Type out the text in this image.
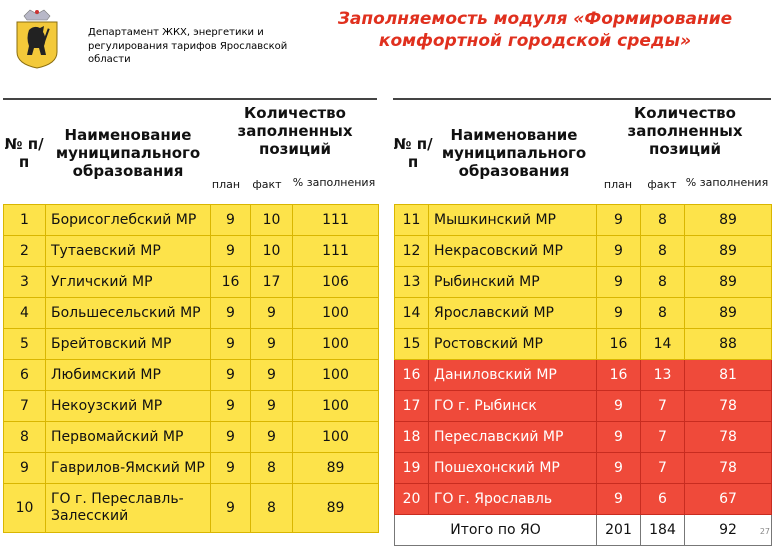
Департамент ЖКХ, энергетики и регулирования тарифов Ярославской области
Заполняемость модуля «Формирование комфортной городской среды»
№ п/п
Наименование муниципального образования
Количество заполненных позиций
план	факт	% заполнения
№ п/п
Наименование муниципального образования
Количество заполненных позиций
план	факт % заполнения
1	Борисоглебский МР	9	10	111
2	Тутаевский МР	9	10	111
3	Угличский МР	16	17	106
4	Большесельский МР	9	9	100
5	Брейтовский МР	9	9	100
6	Любимский МР	9	9	100
7	Некоузский МР	9	9	100
8	Первомайский МР	9	9	100
9	Гаврилов-Ямский МР	9	8	89
10	ГО г. Переславль-Залесский	9	8	89
11	Мышкинский МР	9	8	89
12	Некрасовский МР	9	8	89
13	Рыбинский МР	9	8	89
14	Ярославский МР	9	8	89
15	Ростовский МР	16	14	88
16	Даниловский МР	16	13	81
17	ГО г. Рыбинск	9	7	78
18	Переславский МР	9	7	78
19	Пошехонский МР	9	7	78
20	ГО г. Ярославль	9	6	67
Итого по ЯО		201	184	92	27
